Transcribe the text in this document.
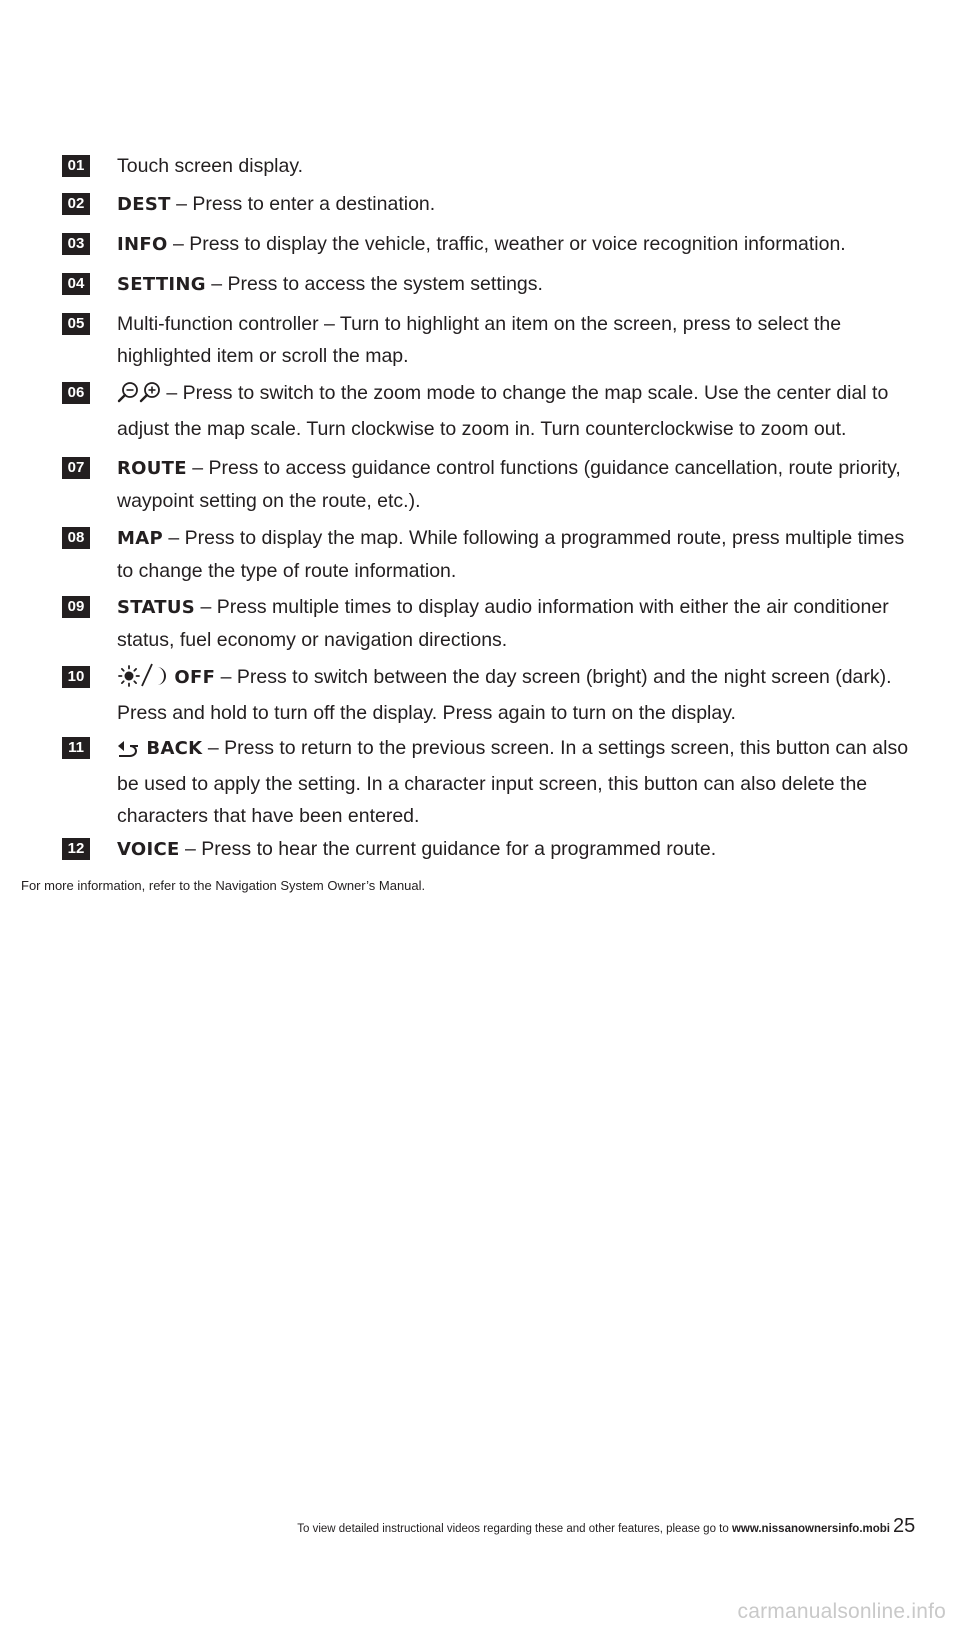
01 Touch screen display.
02	DEST – Press to enter a destination.
03	INFO – Press to display the vehicle, traffic, weather or voice recognition information.
04	SETTING – Press to access the system settings.
05 Multi-function controller – Turn to highlight an item on the screen, press to select the highlighted item or scroll the map.
06	– Press to switch to the zoom mode to change the map scale. Use the center dial to adjust the map scale. Turn clockwise to zoom in. Turn counterclockwise to zoom out.
07	ROUTE – Press to access guidance control functions (guidance cancellation, route priority, waypoint setting on the route, etc.).
08	MAP – Press to display the map. While following a programmed route, press multiple times to change the type of route information.
09	STATUS – Press multiple times to display audio information with either the air conditioner status, fuel economy or navigation directions.
10	OFF – Press to switch between the day screen (bright) and the night screen (dark). Press and hold to turn off the display. Press again to turn on the display.
11	BACK – Press to return to the previous screen. In a settings screen, this button can also be used to apply the setting. In a character input screen, this button can also delete the characters that have been entered.
12	VOICE – Press to hear the current guidance for a programmed route.
For more information, refer to the Navigation System Owner’s Manual.
To view detailed instructional videos regarding these and other features, please go to www.nissanownersinfo.mobi 25
carmanualsonline.info
